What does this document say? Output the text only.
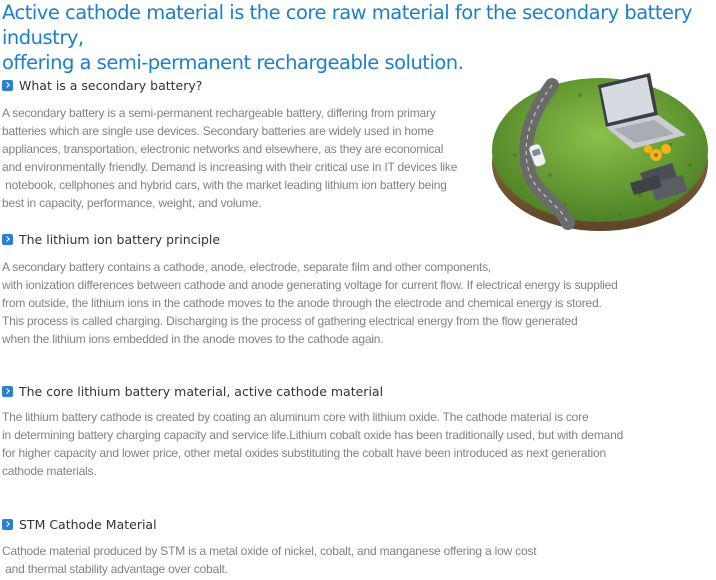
Active cathode material is the core raw material for the secondary battery industry,
offering a semi-permanent rechargeable solution.
What is a secondary battery?
A secondary battery is a semi-permanent rechargeable battery, differing from primary
batteries which are single use devices. Secondary batteries are widely used in home
appliances, transportation, electronic networks and elsewhere, as they are economical
and environmentally friendly. Demand is increasing with their critical use in IT devices like
notebook, cellphones and hybrid cars, with the market leading lithium ion battery being
best in capacity, performance, weight, and volume.
The lithium ion battery principle
A secondary battery contains a cathode, anode, electrode, separate film and other components,
with ionization differences between cathode and anode generating voltage for current flow. If electrical energy is supplied
from outside, the lithium ions in the cathode moves to the anode through the electrode and chemical energy is stored.
This process is called charging. Discharging is the process of gathering electrical energy from the flow generated
when the lithium ions embedded in the anode moves to the cathode again.
The core lithium battery material, active cathode material
The lithium battery cathode is created by coating an aluminum core with lithium oxide. The cathode material is core
in determining battery charging capacity and service life.Lithium cobalt oxide has been traditionally used, but with demand
for higher capacity and lower price, other metal oxides substituting the cobalt have been introduced as next generation
cathode materials.
STM Cathode Material
Cathode material produced by STM is a metal oxide of nickel, cobalt, and manganese offering a low cost
and thermal stability advantage over cobalt.
